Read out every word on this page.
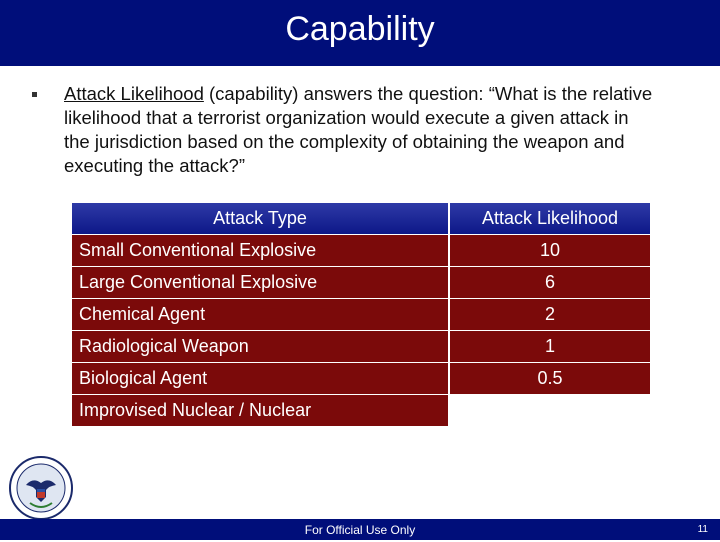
Capability
Attack Likelihood (capability) answers the question: “What is the relative likelihood that a terrorist organization would execute a given attack in the jurisdiction based on the complexity of obtaining the weapon and executing the attack?”
Attack Type	Attack Likelihood
Small Conventional Explosive	10
Large Conventional Explosive	6
Chemical Agent	2
Radiological Weapon	1
Biological Agent	0.5
Improvised Nuclear / Nuclear
For Official Use Only	11
